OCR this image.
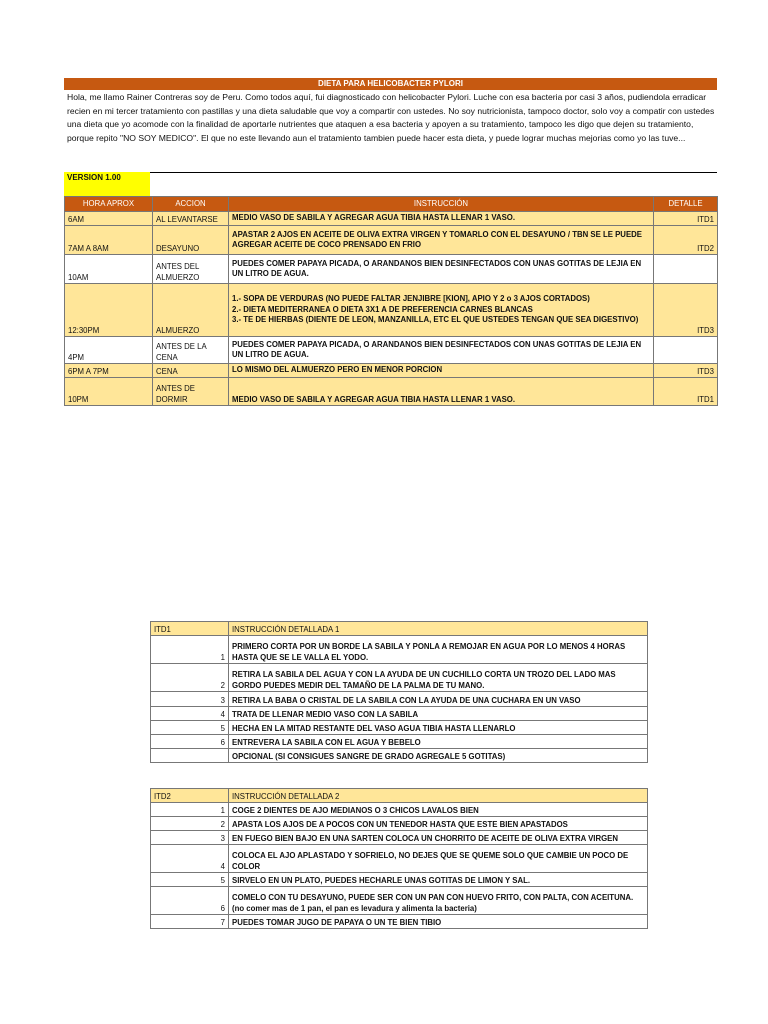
DIETA PARA HELICOBACTER PYLORI
Hola, me llamo Rainer Contreras soy de Peru. Como todos aquí, fui diagnosticado con helicobacter Pylori. Luche con esa bacteria por casi 3 años, pudiendola erradicar recien en mi tercer tratamiento con pastillas y una dieta saludable que voy a compartir con ustedes. No soy nutricionista, tampoco doctor, solo voy a compatir con ustedes una dieta que yo acomode con la finalidad de aportarle nutrientes que ataquen a esa bacteria y apoyen a su tratamiento, tampoco les digo que dejen su tratamiento, porque repito "NO SOY MEDICO". El que no este llevando aun el tratamiento tambien puede hacer esta dieta, y puede lograr muchas mejorias como yo las tuve...
VERSION 1.00
HORA APROX	ACCION	INSTRUCCIÓN	DETALLE
6AM	AL LEVANTARSE	MEDIO VASO DE SABILA Y AGREGAR AGUA TIBIA HASTA LLENAR 1 VASO.	ITD1
7AM A 8AM	DESAYUNO	APASTAR 2 AJOS EN ACEITE DE OLIVA EXTRA VIRGEN Y TOMARLO CON EL DESAYUNO / TBN SE LE PUEDE AGREGAR ACEITE DE COCO PRENSADO EN FRIO	ITD2
10AM	ANTES DEL ALMUERZO	PUEDES COMER PAPAYA PICADA, O ARANDANOS BIEN DESINFECTADOS CON UNAS GOTITAS DE LEJIA EN UN LITRO DE AGUA.	
12:30PM	ALMUERZO	1.- SOPA DE VERDURAS (NO PUEDE FALTAR JENJIBRE [KION], APIO Y 2 o 3 AJOS CORTADOS)
2.- DIETA MEDITERRANEA O DIETA 3X1 A DE PREFERENCIA CARNES BLANCAS
3.- TE DE HIERBAS (DIENTE DE LEON, MANZANILLA, ETC EL QUE USTEDES TENGAN QUE SEA DIGESTIVO)	ITD3
4PM	ANTES DE LA CENA	PUEDES COMER PAPAYA PICADA, O ARANDANOS BIEN DESINFECTADOS CON UNAS GOTITAS DE LEJIA EN UN LITRO DE AGUA.	
6PM A 7PM	CENA	LO MISMO DEL ALMUERZO PERO EN MENOR PORCION	ITD3
10PM	ANTES DE DORMIR	MEDIO VASO DE SABILA Y AGREGAR AGUA TIBIA HASTA LLENAR 1 VASO.	ITD1
ITD1	INSTRUCCIÓN DETALLADA 1
1	PRIMERO CORTA POR UN BORDE LA SABILA Y PONLA A REMOJAR EN AGUA POR LO MENOS 4 HORAS HASTA QUE SE LE VALLA EL YODO.
2	RETIRA LA SABILA DEL AGUA Y CON LA AYUDA DE UN CUCHILLO CORTA UN TROZO DEL LADO MAS GORDO PUEDES MEDIR DEL TAMAÑO DE LA PALMA DE TU MANO.
3	RETIRA LA BABA O CRISTAL DE LA SABILA CON LA AYUDA DE UNA CUCHARA EN UN VASO
4	TRATA DE LLENAR MEDIO VASO CON LA SABILA
5	HECHA EN LA MITAD RESTANTE DEL VASO AGUA TIBIA HASTA LLENARLO
6	ENTREVERA LA SABILA CON EL AGUA Y BEBELO
	OPCIONAL (SI CONSIGUES SANGRE DE GRADO AGREGALE 5 GOTITAS)
ITD2	INSTRUCCIÓN DETALLADA 2
1	COGE 2 DIENTES DE AJO MEDIANOS O 3 CHICOS LAVALOS BIEN
2	APASTA LOS AJOS DE A POCOS CON UN TENEDOR HASTA QUE ESTE BIEN APASTADOS
3	EN FUEGO BIEN BAJO EN UNA SARTEN COLOCA UN CHORRITO DE ACEITE DE OLIVA EXTRA VIRGEN
4	COLOCA EL AJO APLASTADO Y SOFRIELO, NO DEJES QUE SE QUEME SOLO QUE CAMBIE UN POCO DE COLOR
5	SIRVELO EN UN PLATO, PUEDES HECHARLE UNAS GOTITAS DE LIMON Y SAL.
6	COMELO CON TU DESAYUNO, PUEDE SER CON UN PAN CON HUEVO FRITO, CON PALTA, CON ACEITUNA. (no comer mas de 1 pan, el pan es levadura y alimenta la bacteria)
7	PUEDES TOMAR JUGO DE PAPAYA O UN TE BIEN TIBIO
